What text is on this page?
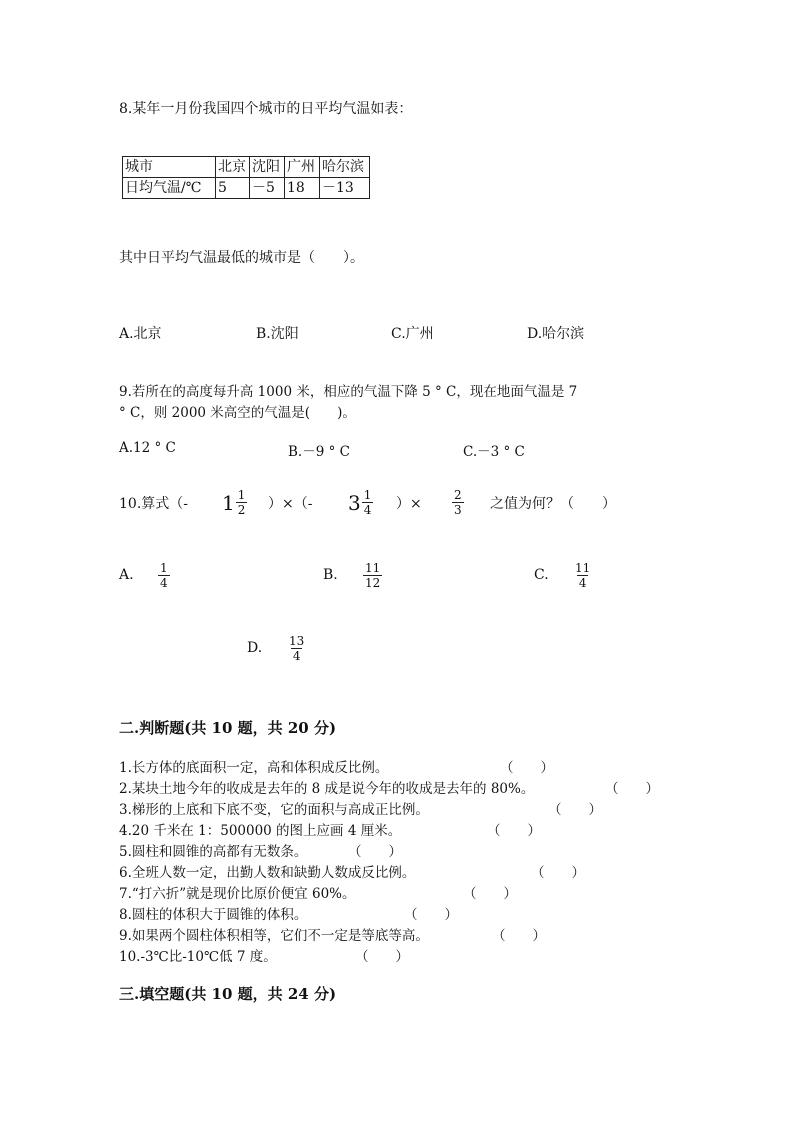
8.某年一月份我国四个城市的日平均气温如表：
城市	北京	沈阳	广州	哈尔滨
日均气温/℃	5	－5	18	－13
其中日平均气温最低的城市是（　　）。
A.北京	B.沈阳	C.广州	D.哈尔滨
9.若所在的高度每升高 1000 米，相应的气温下降 5 ° C，现在地面气温是 7
° C，则 2000 米高空的气温是(　　)。
A.12 ° C	B.－9 ° C	C.－3 ° C
10.算式（- $1 \frac{1}{2}$ ）×（- $3 \frac{1}{4}$ ）×	$\frac{2}{3}$ 之值为何？（　　）
A. $\frac{1}{4}$	B. $\frac{11}{12}$	C. $\frac{11}{4}$
D. $\frac{13}{4}$
二.判断题(共 10 题，共 20 分)
1.长方体的底面积一定，高和体积成反比例。	（　　）
2.某块土地今年的收成是去年的 8 成是说今年的收成是去年的 80%。	（　　）
3.梯形的上底和下底不变，它的面积与高成正比例。	（　　）
4.20 千米在 1：500000 的图上应画 4 厘米。	（　　）
5.圆柱和圆锥的高都有无数条。	（　　）
6.全班人数一定，出勤人数和缺勤人数成反比例。	（　　）
7.“打六折”就是现价比原价便宜 60%。	（　　）
8.圆柱的体积大于圆锥的体积。	（　　）
9.如果两个圆柱体积相等，它们不一定是等底等高。	（　　）
10.-3℃比-10℃低 7 度。	（　　）
三.填空题(共 10 题，共 24 分)
